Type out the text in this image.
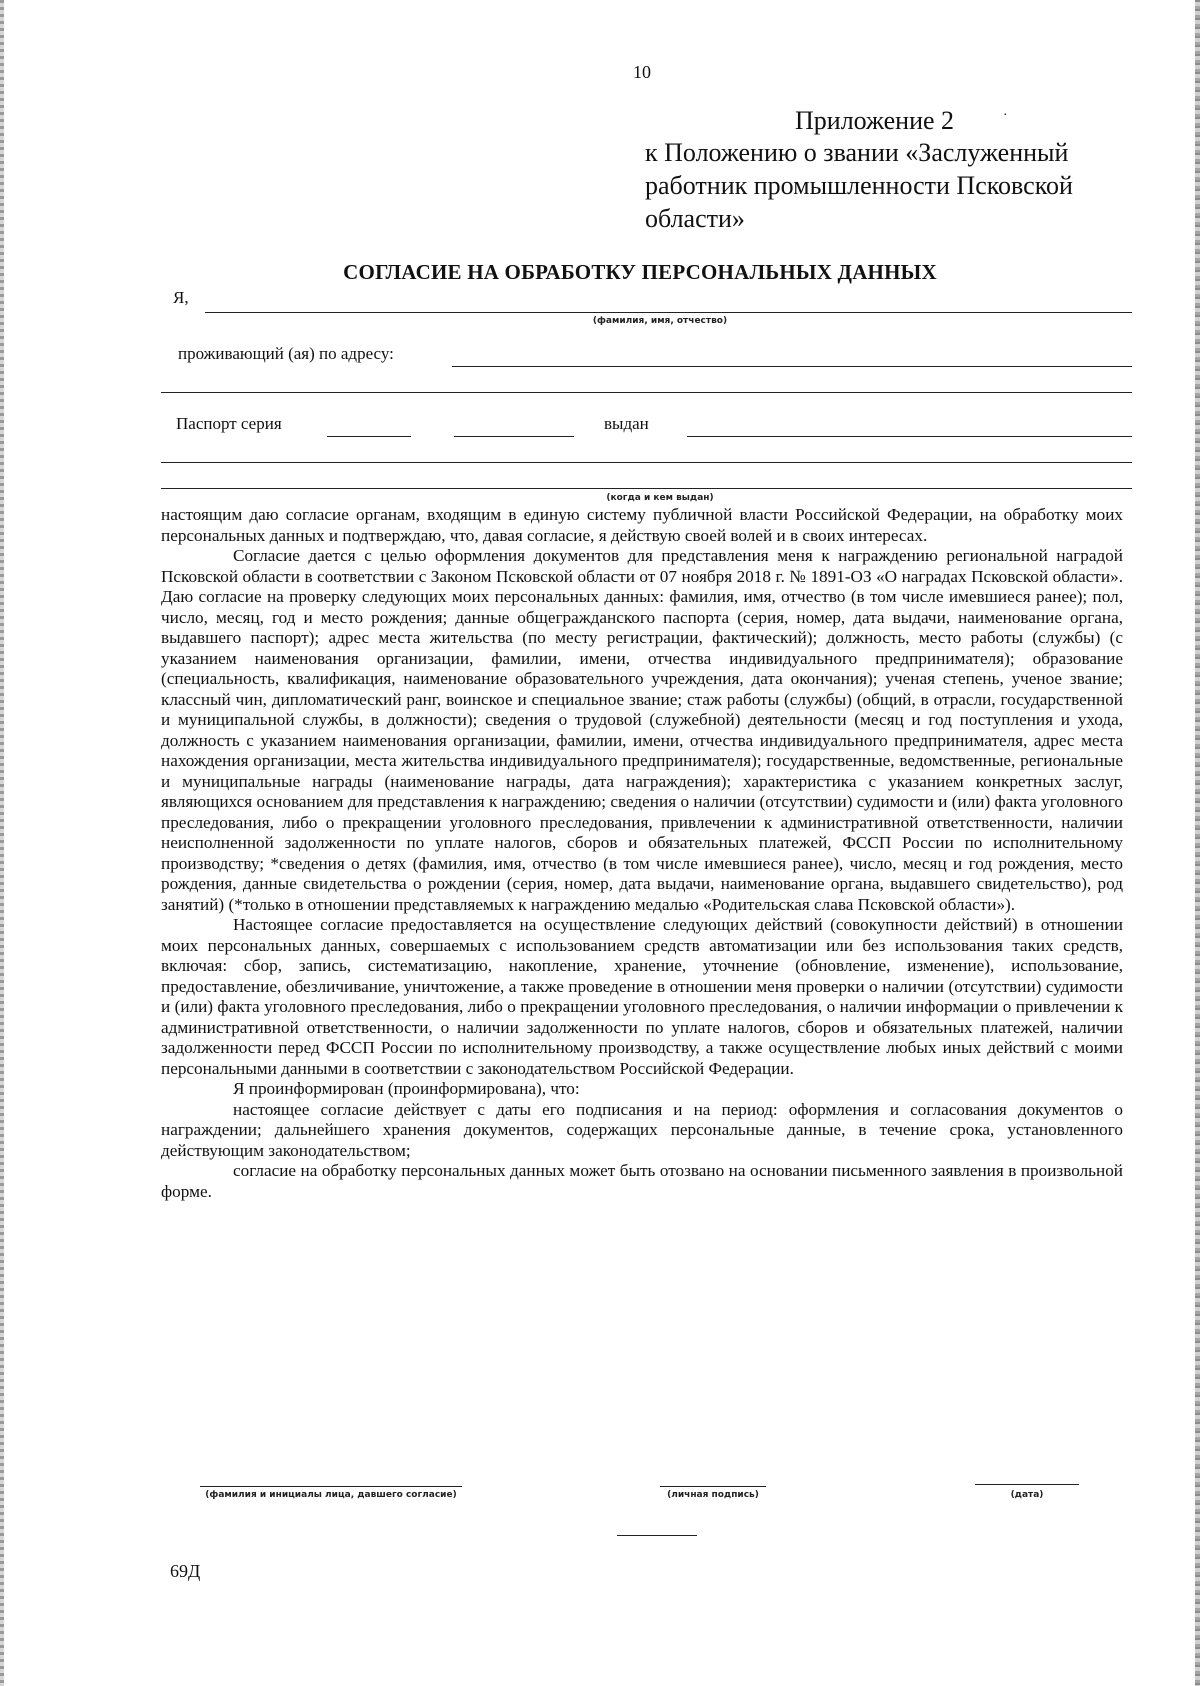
10
Приложение 2	·
к Положению о звании «Заслуженный работник промышленности Псковской области»
СОГЛАСИЕ НА ОБРАБОТКУ ПЕРСОНАЛЬНЫХ ДАННЫХ
Я,
(фамилия, имя, отчество)
проживающий (ая) по адресу:
Паспорт серия	выдан
(когда и кем выдан)

настоящим даю согласие органам, входящим в единую систему публичной власти Российской Федерации, на обработку моих персональных данных и подтверждаю, что, давая согласие, я действую своей волей и в своих интересах.

Согласие дается с целью оформления документов для представления меня к награждению региональной наградой Псковской области в соответствии с Законом Псковской области от 07 ноября 2018 г. № 1891-ОЗ «О наградах Псковской области». Даю согласие на проверку следующих моих персональных данных: фамилия, имя, отчество (в том числе имевшиеся ранее); пол, число, месяц, год и место рождения; данные общегражданского паспорта (серия, номер, дата выдачи, наименование органа, выдавшего паспорт); адрес места жительства (по месту регистрации, фактический); должность, место работы (службы) (с указанием наименования организации, фамилии, имени, отчества индивидуального предпринимателя); образование (специальность, квалификация, наименование образовательного учреждения, дата окончания); ученая степень, ученое звание; классный чин, дипломатический ранг, воинское и специальное звание; стаж работы (службы) (общий, в отрасли, государственной и муниципальной службы, в должности); сведения о трудовой (служебной) деятельности (месяц и год поступления и ухода, должность с указанием наименования организации, фамилии, имени, отчества индивидуального предпринимателя, адрес места нахождения организации, места жительства индивидуального предпринимателя); государственные, ведомственные, региональные и муниципальные награды (наименование награды, дата награждения); характеристика с указанием конкретных заслуг, являющихся основанием для представления к награждению; сведения о наличии (отсутствии) судимости и (или) факта уголовного преследования, либо о прекращении уголовного преследования, привлечении к административной ответственности, наличии неисполненной задолженности по уплате налогов, сборов и обязательных платежей, ФССП России по исполнительному производству; *сведения о детях (фамилия, имя, отчество (в том числе имевшиеся ранее), число, месяц и год рождения, место рождения, данные свидетельства о рождении (серия, номер, дата выдачи, наименование органа, выдавшего свидетельство), род занятий) (*только в отношении представляемых к награждению медалью «Родительская слава Псковской области»).

Настоящее согласие предоставляется на осуществление следующих действий (совокупности действий) в отношении моих персональных данных, совершаемых с использованием средств автоматизации или без использования таких средств, включая: сбор, запись, систематизацию, накопление, хранение, уточнение (обновление, изменение), использование, предоставление, обезличивание, уничтожение, а также проведение в отношении меня проверки о наличии (отсутствии) судимости и (или) факта уголовного преследования, либо о прекращении уголовного преследования, о наличии информации о привлечении к административной ответственности, о наличии задолженности по уплате налогов, сборов и обязательных платежей, наличии задолженности перед ФССП России по исполнительному производству, а также осуществление любых иных действий с моими персональными данными в соответствии с законодательством Российской Федерации.

Я проинформирован (проинформирована), что:

настоящее согласие действует с даты его подписания и на период: оформления и согласования документов о награждении; дальнейшего хранения документов, содержащих персональные данные, в течение срока, установленного действующим законодательством;

согласие на обработку персональных данных может быть отозвано на основании письменного заявления в произвольной форме.

(фамилия и инициалы лица, давшего согласие)	(личная подпись)	(дата)
69Д
